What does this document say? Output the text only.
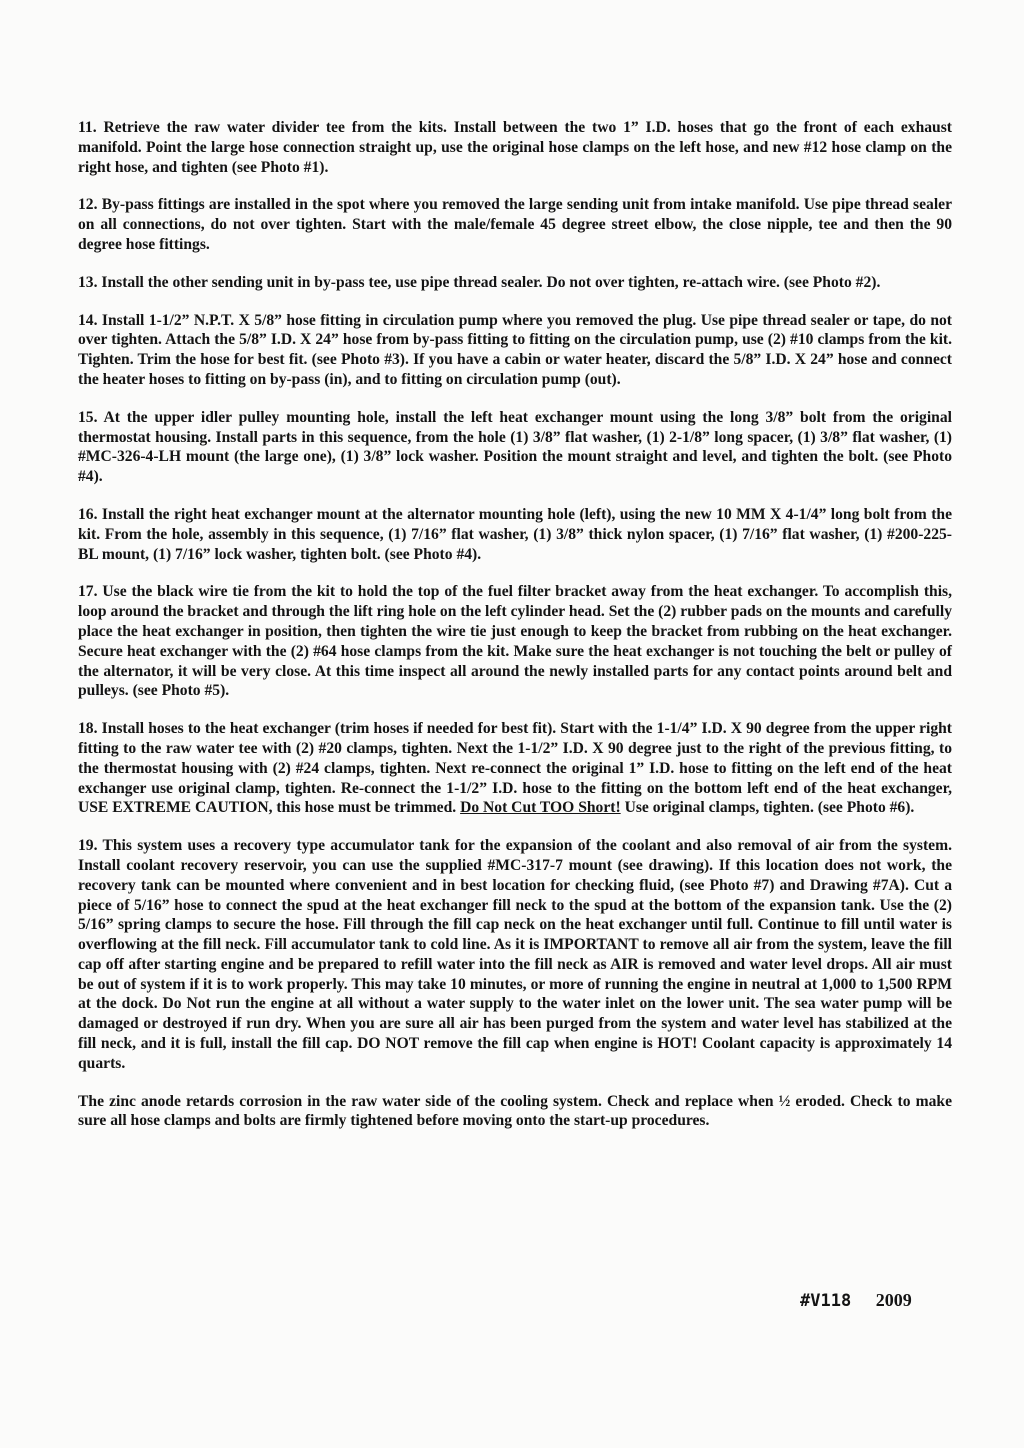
11. Retrieve the raw water divider tee from the kits. Install between the two 1” I.D. hoses that go the front of each exhaust manifold. Point the large hose connection straight up, use the original hose clamps on the left hose, and new #12 hose clamp on the right hose, and tighten (see Photo #1).

12. By-pass fittings are installed in the spot where you removed the large sending unit from intake manifold. Use pipe thread sealer on all connections, do not over tighten. Start with the male/female 45 degree street elbow, the close nipple, tee and then the 90 degree hose fittings.

13. Install the other sending unit in by-pass tee, use pipe thread sealer. Do not over tighten, re-attach wire. (see Photo #2).

14. Install 1-1/2” N.P.T. X 5/8” hose fitting in circulation pump where you removed the plug. Use pipe thread sealer or tape, do not over tighten. Attach the 5/8” I.D. X 24” hose from by-pass fitting to fitting on the circulation pump, use (2) #10 clamps from the kit. Tighten. Trim the hose for best fit. (see Photo #3). If you have a cabin or water heater, discard the 5/8” I.D. X 24” hose and connect the heater hoses to fitting on by-pass (in), and to fitting on circulation pump (out).

15. At the upper idler pulley mounting hole, install the left heat exchanger mount using the long 3/8” bolt from the original thermostat housing. Install parts in this sequence, from the hole (1) 3/8” flat washer, (1) 2-1/8” long spacer, (1) 3/8” flat washer, (1) #MC-326-4-LH mount (the large one), (1) 3/8” lock washer. Position the mount straight and level, and tighten the bolt. (see Photo #4).

16. Install the right heat exchanger mount at the alternator mounting hole (left), using the new 10 MM X 4-1/4” long bolt from the kit. From the hole, assembly in this sequence, (1) 7/16” flat washer, (1) 3/8” thick nylon spacer, (1) 7/16” flat washer, (1) #200-225-BL mount, (1) 7/16” lock washer, tighten bolt. (see Photo #4).

17. Use the black wire tie from the kit to hold the top of the fuel filter bracket away from the heat exchanger. To accomplish this, loop around the bracket and through the lift ring hole on the left cylinder head. Set the (2) rubber pads on the mounts and carefully place the heat exchanger in position, then tighten the wire tie just enough to keep the bracket from rubbing on the heat exchanger. Secure heat exchanger with the (2) #64 hose clamps from the kit. Make sure the heat exchanger is not touching the belt or pulley of the alternator, it will be very close. At this time inspect all around the newly installed parts for any contact points around belt and pulleys. (see Photo #5).

18. Install hoses to the heat exchanger (trim hoses if needed for best fit). Start with the 1-1/4” I.D. X 90 degree from the upper right fitting to the raw water tee with (2) #20 clamps, tighten. Next the 1-1/2” I.D. X 90 degree just to the right of the previous fitting, to the thermostat housing with (2) #24 clamps, tighten. Next re-connect the original 1” I.D. hose to fitting on the left end of the heat exchanger use original clamp, tighten. Re-connect the 1-1/2” I.D. hose to the fitting on the bottom left end of the heat exchanger, USE EXTREME CAUTION, this hose must be trimmed. Do Not Cut TOO Short! Use original clamps, tighten. (see Photo #6).

19. This system uses a recovery type accumulator tank for the expansion of the coolant and also removal of air from the system. Install coolant recovery reservoir, you can use the supplied #MC-317-7 mount (see drawing). If this location does not work, the recovery tank can be mounted where convenient and in best location for checking fluid, (see Photo #7) and Drawing #7A). Cut a piece of 5/16” hose to connect the spud at the heat exchanger fill neck to the spud at the bottom of the expansion tank. Use the (2) 5/16” spring clamps to secure the hose. Fill through the fill cap neck on the heat exchanger until full. Continue to fill until water is overflowing at the fill neck. Fill accumulator tank to cold line. As it is IMPORTANT to remove all air from the system, leave the fill cap off after starting engine and be prepared to refill water into the fill neck as AIR is removed and water level drops. All air must be out of system if it is to work properly. This may take 10 minutes, or more of running the engine in neutral at 1,000 to 1,500 RPM at the dock. Do Not run the engine at all without a water supply to the water inlet on the lower unit. The sea water pump will be damaged or destroyed if run dry. When you are sure all air has been purged from the system and water level has stabilized at the fill neck, and it is full, install the fill cap. DO NOT remove the fill cap when engine is HOT! Coolant capacity is approximately 14 quarts.

The zinc anode retards corrosion in the raw water side of the cooling system. Check and replace when ½ eroded. Check to make sure all hose clamps and bolts are firmly tightened before moving onto the start-up procedures.

#V118 2009
